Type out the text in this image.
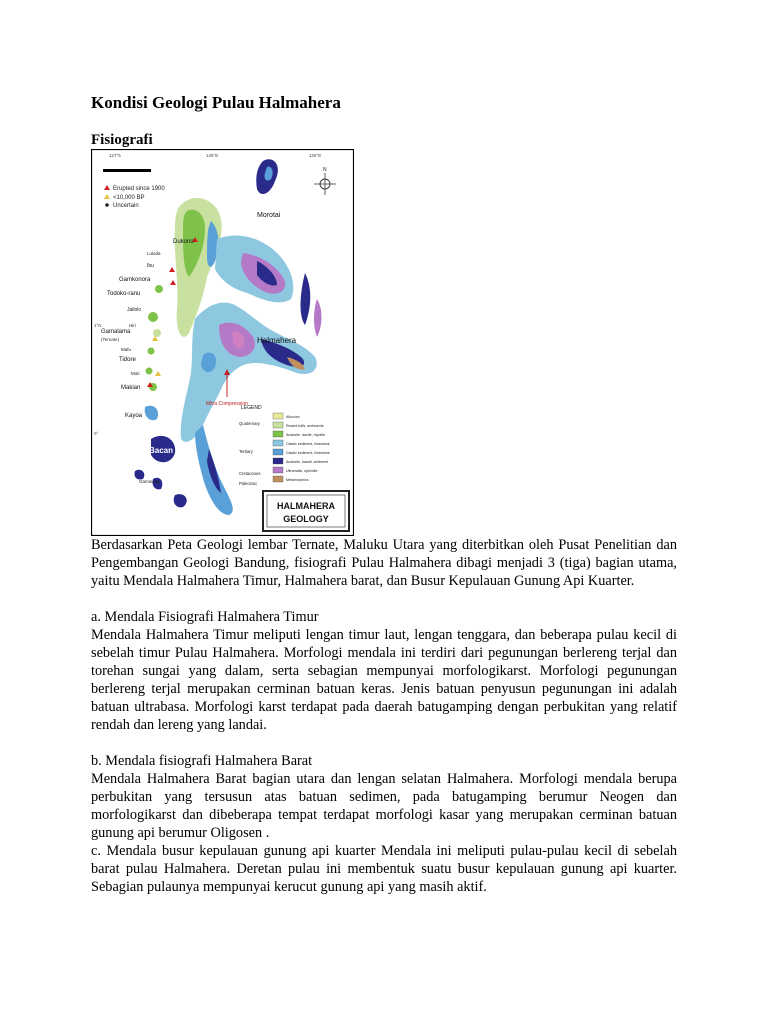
Kondisi Geologi Pulau Halmahera
Fisiografi
127°5	128°E	129°E
1°N
0°
Erupted since 1900
<10,000 BP
Uncertain
N
Morotai
Dukono
Loloda
Ibu
Gamkonora
Todoko-ranu
Jailolo
Gamalama
(Ternate)
Hiri
Mafu
Tidore
Moti
Makian
Kayoa
Bacan
Gamsungi
Halmahera
Mitra Compression
LEGEND
Quaternary
Tertiary
Cretaceous
Paleozoic
Alluvium
Recent tuffs, sediments
Andesite, dacite, rhyolite
Clastic sediment, limestone
Clastic sediment, limestone
Andesite, basalt, sediment
Ultramafic, ophiolite
Metamorphics
HALMAHERA
GEOLOGY

Berdasarkan Peta Geologi lembar Ternate, Maluku Utara yang diterbitkan oleh Pusat Penelitian dan Pengembangan Geologi Bandung, fisiografi Pulau Halmahera dibagi menjadi 3 (tiga) bagian utama, yaitu Mendala Halmahera Timur, Halmahera barat, dan Busur Kepulauan Gunung Api Kuarter.

a. Mendala Fisiografi Halmahera Timur

Mendala Halmahera Timur meliputi lengan timur laut, lengan tenggara, dan beberapa pulau kecil di sebelah timur Pulau Halmahera. Morfologi mendala ini terdiri dari pegunungan berlereng terjal dan torehan sungai yang dalam, serta sebagian mempunyai morfologikarst. Morfologi pegunungan berlereng terjal merupakan cerminan batuan keras. Jenis batuan penyusun pegunungan ini adalah batuan ultrabasa. Morfologi karst terdapat pada daerah batugamping dengan perbukitan yang relatif rendah dan lereng yang landai.

b. Mendala fisiografi Halmahera Barat

Mendala Halmahera Barat bagian utara dan lengan selatan Halmahera. Morfologi mendala berupa perbukitan yang tersusun atas batuan sedimen, pada batugamping berumur Neogen dan morfologikarst dan dibeberapa tempat terdapat morfologi kasar yang merupakan cerminan batuan gunung api berumur Oligosen .

c. Mendala busur kepulauan gunung api kuarter Mendala ini meliputi pulau-pulau kecil di sebelah barat pulau Halmahera. Deretan pulau ini membentuk suatu busur kepulauan gunung api kuarter. Sebagian pulaunya mempunyai kerucut gunung api yang masih aktif.
